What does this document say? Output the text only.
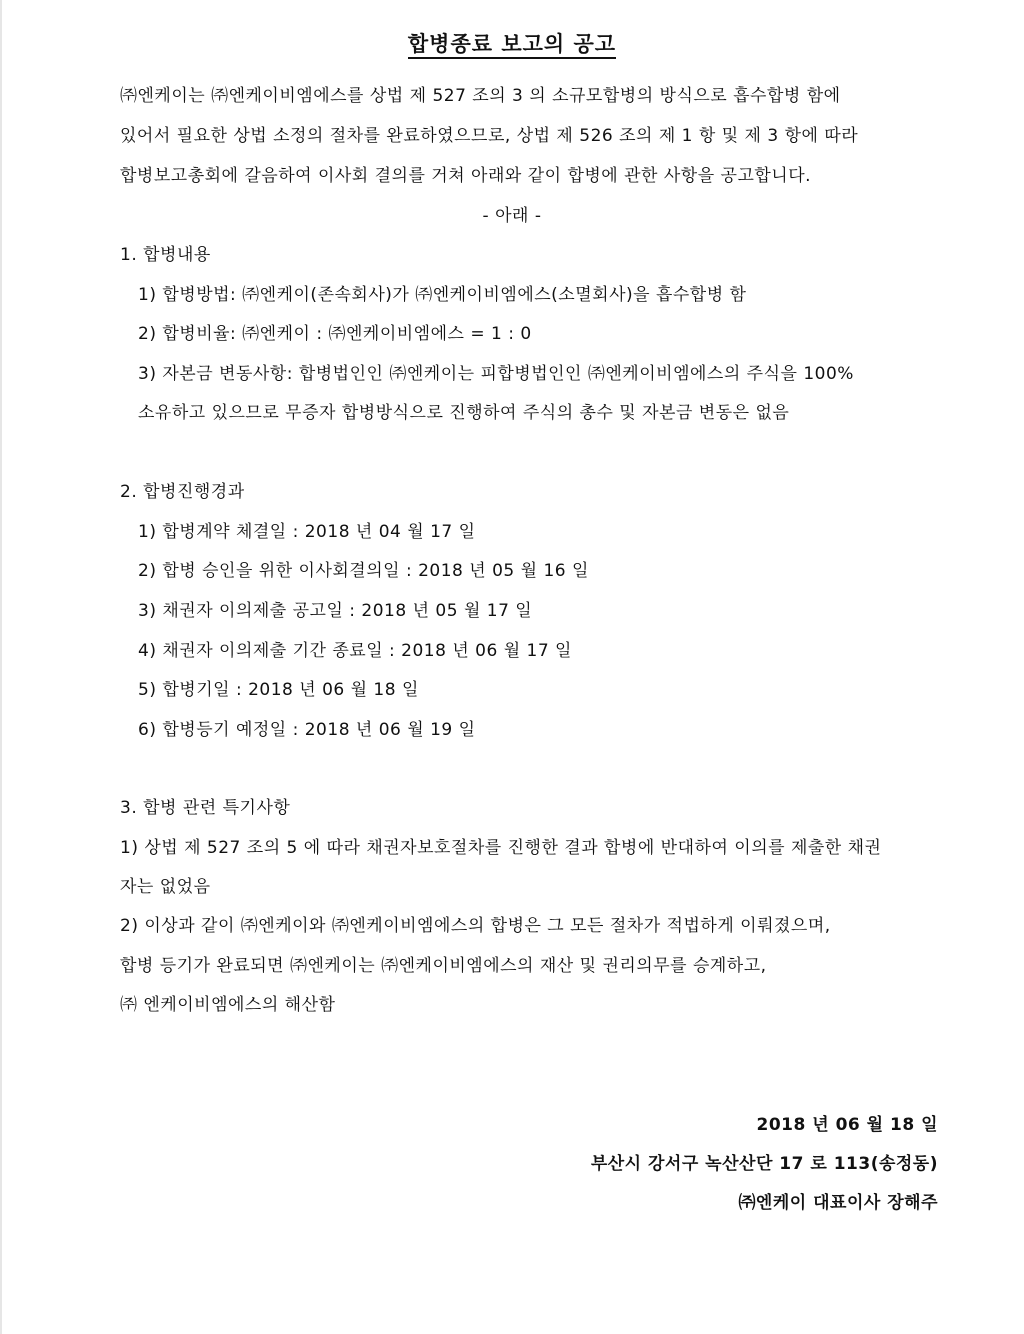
합병종료 보고의 공고
㈜엔케이는 ㈜엔케이비엠에스를 상법 제 527 조의 3 의 소규모합병의 방식으로 흡수합병 함에
있어서 필요한 상법 소정의 절차를 완료하였으므로, 상법 제 526 조의 제 1 항 및 제 3 항에 따라
합병보고총회에 갈음하여 이사회 결의를 거쳐 아래와 같이 합병에 관한 사항을 공고합니다.
- 아래 -
1. 합병내용
1) 합병방법: ㈜엔케이(존속회사)가 ㈜엔케이비엠에스(소멸회사)을 흡수합병 함
2) 합병비율: ㈜엔케이 : ㈜엔케이비엠에스 = 1 : 0
3) 자본금 변동사항: 합병법인인 ㈜엔케이는 피합병법인인 ㈜엔케이비엠에스의 주식을 100%
소유하고 있으므로 무증자 합병방식으로 진행하여 주식의 총수 및 자본금 변동은 없음
2. 합병진행경과
1) 합병계약 체결일 : 2018 년 04 월 17 일
2) 합병 승인을 위한 이사회결의일 : 2018 년 05 월 16 일
3) 채권자 이의제출 공고일 : 2018 년 05 월 17 일
4) 채권자 이의제출 기간 종료일 : 2018 년 06 월 17 일
5) 합병기일 : 2018 년 06 월 18 일
6) 합병등기 예정일 : 2018 년 06 월 19 일
3. 합병 관련 특기사항
1) 상법 제 527 조의 5 에 따라 채권자보호절차를 진행한 결과 합병에 반대하여 이의를 제출한 채권
자는 없었음
2) 이상과 같이 ㈜엔케이와 ㈜엔케이비엠에스의 합병은 그 모든 절차가 적법하게 이뤄졌으며,
합병 등기가 완료되면 ㈜엔케이는 ㈜엔케이비엠에스의 재산 및 권리의무를 승계하고,
㈜ 엔케이비엠에스의 해산함
2018 년 06 월 18 일
부산시 강서구 녹산산단 17 로 113(송정동)
㈜엔케이 대표이사 장해주
